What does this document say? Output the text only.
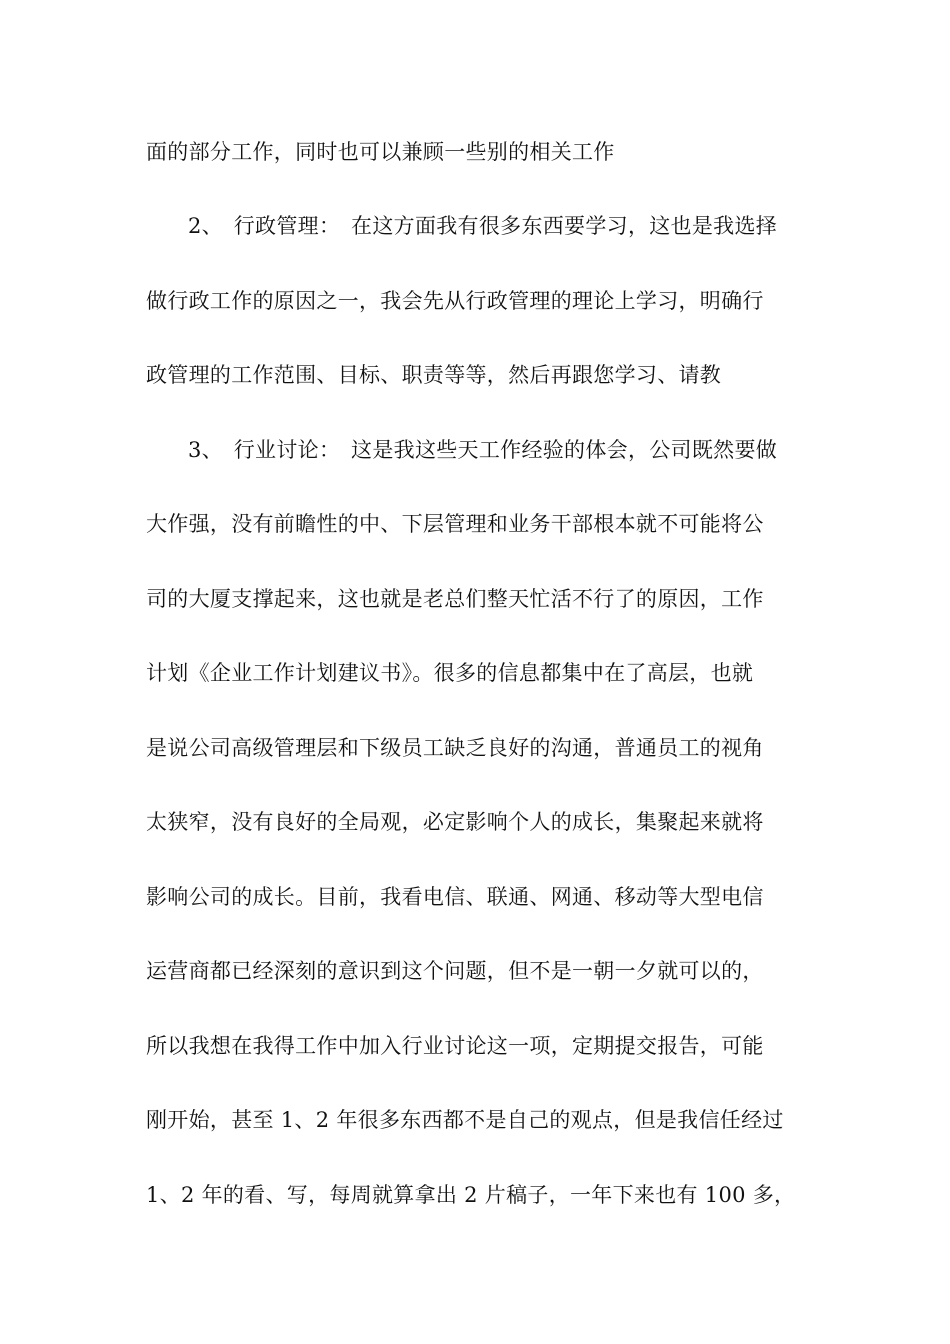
面的部分工作，同时也可以兼顾一些别的相关工作
2、　行政管理：　在这方面我有很多东西要学习，这也是我选择
做行政工作的原因之一，我会先从行政管理的理论上学习，明确行
政管理的工作范围、目标、职责等等，然后再跟您学习、请教
3、　行业讨论：　这是我这些天工作经验的体会，公司既然要做
大作强，没有前瞻性的中、下层管理和业务干部根本就不可能将公
司的大厦支撑起来，这也就是老总们整天忙活不行了的原因，工作
计划《企业工作计划建议书》。很多的信息都集中在了高层，也就
是说公司高级管理层和下级员工缺乏良好的沟通，普通员工的视角
太狭窄，没有良好的全局观，必定影响个人的成长，集聚起来就将
影响公司的成长。目前，我看电信、联通、网通、移动等大型电信
运营商都已经深刻的意识到这个问题，但不是一朝一夕就可以的，
所以我想在我得工作中加入行业讨论这一项，定期提交报告，可能
刚开始，甚至 1、2 年很多东西都不是自己的观点，但是我信任经过
1、2 年的看、写，每周就算拿出 2 片稿子，一年下来也有 100 多，
